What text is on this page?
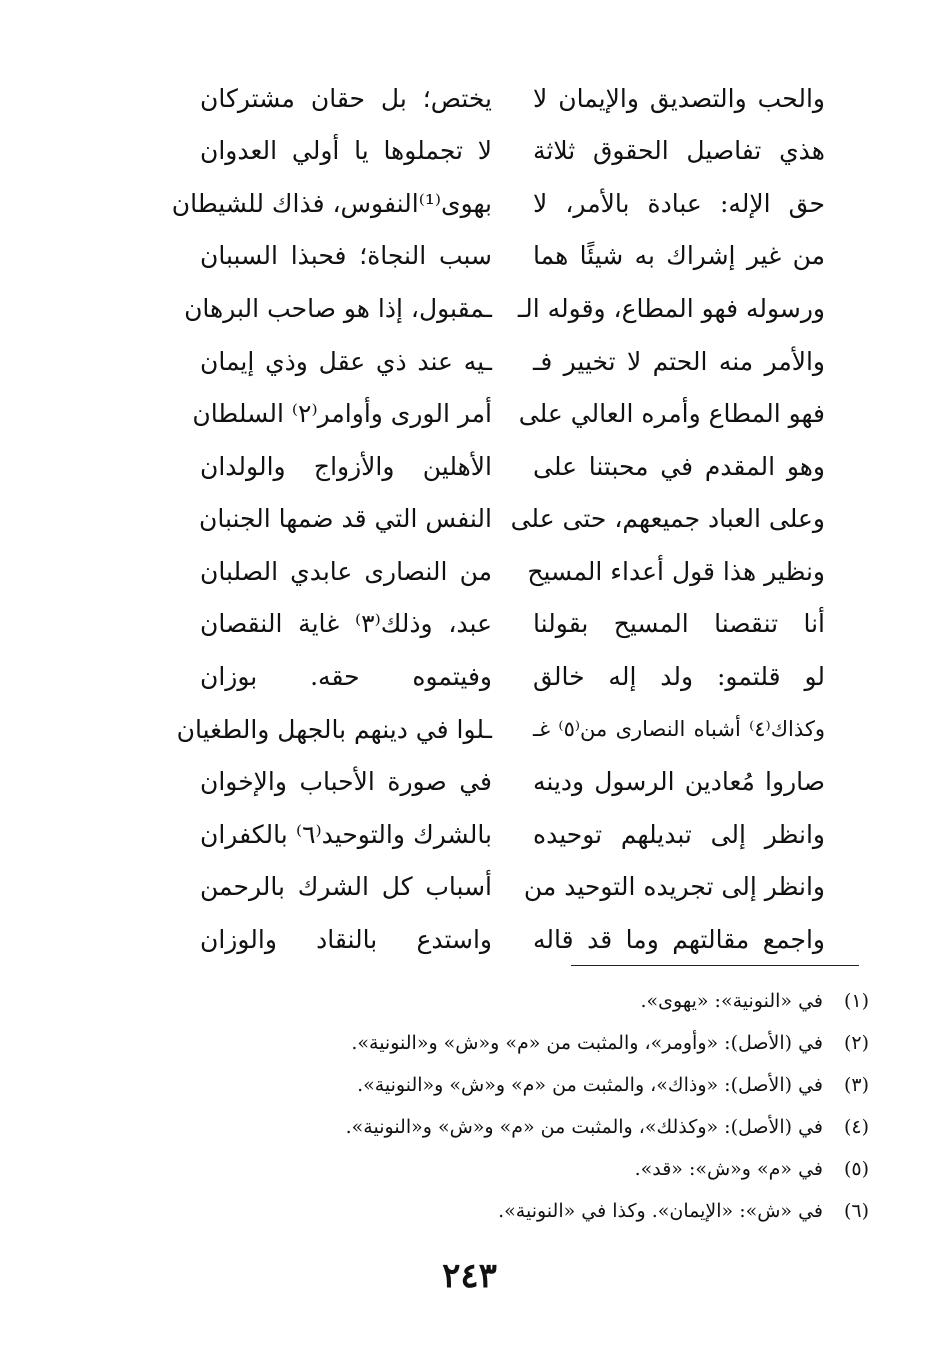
والحب والتصديق والإيمان لا
يختص؛ بل حقان مشتركان
هذي تفاصيل الحقوق ثلاثة
لا تجملوها يا أولي العدوان
حق الإله: عبادة بالأمر، لا
بهوى⁽¹⁾النفوس، فذاك للشيطان
من غير إشراك به شيئًا هما
سبب النجاة؛ فحبذا السببان
ورسوله فهو المطاع، وقوله الـ
ـمقبول، إذا هو صاحب البرهان
والأمر منه الحتم لا تخيير فـ
ـيه عند ذي عقل وذي إيمان
فهو المطاع وأمره العالي على
أمر الورى وأوامر⁽٢⁾ السلطان
وهو المقدم في محبتنا على
الأهلين والأزواج والولدان
وعلى العباد جميعهم، حتى على
النفس التي قد ضمها الجنبان
ونظير هذا قول أعداء المسيح
من النصارى عابدي الصلبان
أنا تنقصنا المسيح بقولنا
عبد، وذلك⁽٣⁾ غاية النقصان
لو قلتمو: ولد إله خالق
وفيتموه حقه. بوزان
وكذاك⁽٤⁾ أشباه النصارى من⁽٥⁾ غـ
ـلوا في دينهم بالجهل والطغيان
صاروا مُعادين الرسول ودينه
في صورة الأحباب والإخوان
وانظر إلى تبديلهم توحيده
بالشرك والتوحيد⁽٦⁾ بالكفران
وانظر إلى تجريده التوحيد من
أسباب كل الشرك بالرحمن
واجمع مقالتهم وما قد قاله
واستدع بالنقاد والوزان
(١)
في «النونية»: «يهوى».
(٢)
في (الأصل): «وأومر»، والمثبت من «م» و«ش» و«النونية».
(٣)
في (الأصل): «وذاك»، والمثبت من «م» و«ش» و«النونية».
(٤)
في (الأصل): «وكذلك»، والمثبت من «م» و«ش» و«النونية».
(٥)
في «م» و«ش»: «قد».
(٦)
في «ش»: «الإيمان». وكذا في «النونية».
٢٤٣
